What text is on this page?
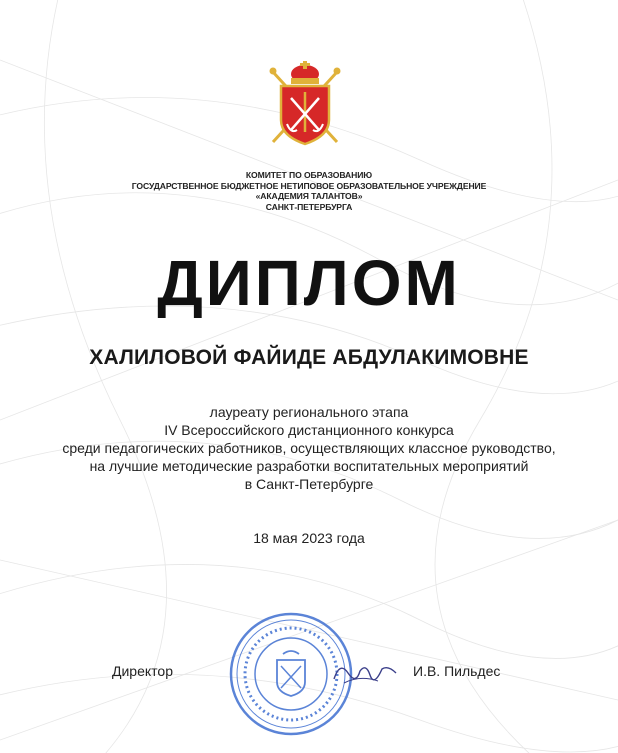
КОМИТЕТ ПО ОБРАЗОВАНИЮ
ГОСУДАРСТВЕННОЕ БЮДЖЕТНОЕ НЕТИПОВОЕ ОБРАЗОВАТЕЛЬНОЕ УЧРЕЖДЕНИЕ
«АКАДЕМИЯ ТАЛАНТОВ»
САНКТ-ПЕТЕРБУРГА
ДИПЛОМ
ХАЛИЛОВОЙ ФАЙИДЕ АБДУЛАКИМОВНЕ
лауреату регионального этапа
IV Всероссийского дистанционного конкурса
среди педагогических работников, осуществляющих классное руководство,
на лучшие методические разработки воспитательных мероприятий
в Санкт-Петербурге
18 мая 2023 года
Директор	И.В. Пильдес
